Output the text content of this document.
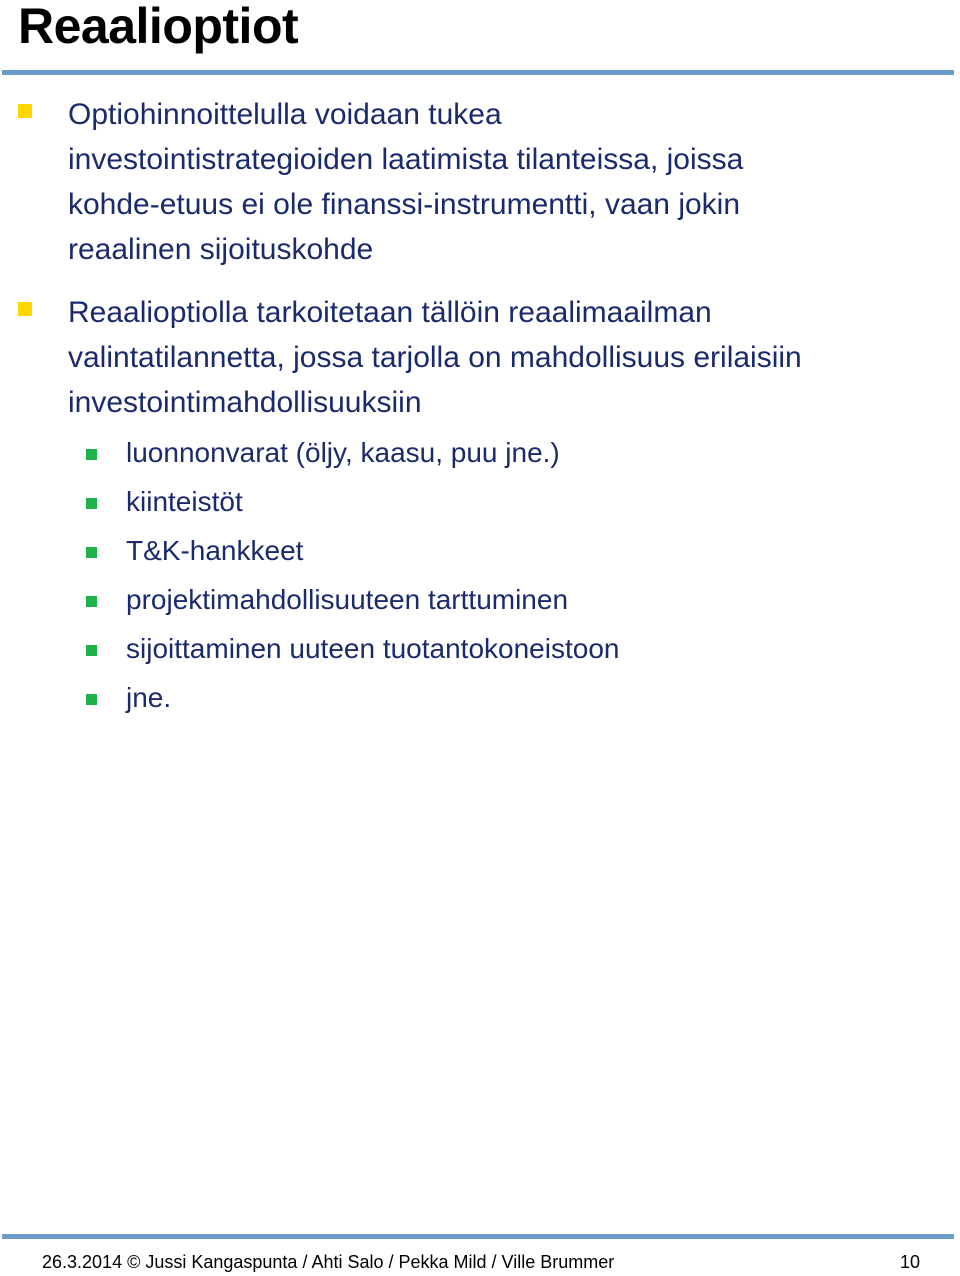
Reaalioptiot
Optiohinnoittelulla voidaan tukea
investointistrategioiden laatimista tilanteissa, joissa
kohde-etuus ei ole finanssi-instrumentti, vaan jokin
reaalinen sijoituskohde
Reaalioptiolla tarkoitetaan tällöin reaalimaailman
valintatilannetta, jossa tarjolla on mahdollisuus erilaisiin
investointimahdollisuuksiin
luonnonvarat (öljy, kaasu, puu jne.)
kiinteistöt
T&K-hankkeet
projektimahdollisuuteen tarttuminen
sijoittaminen uuteen tuotantokoneistoon
jne.
26.3.2014 © Jussi Kangaspunta / Ahti Salo / Pekka Mild / Ville Brummer	10
